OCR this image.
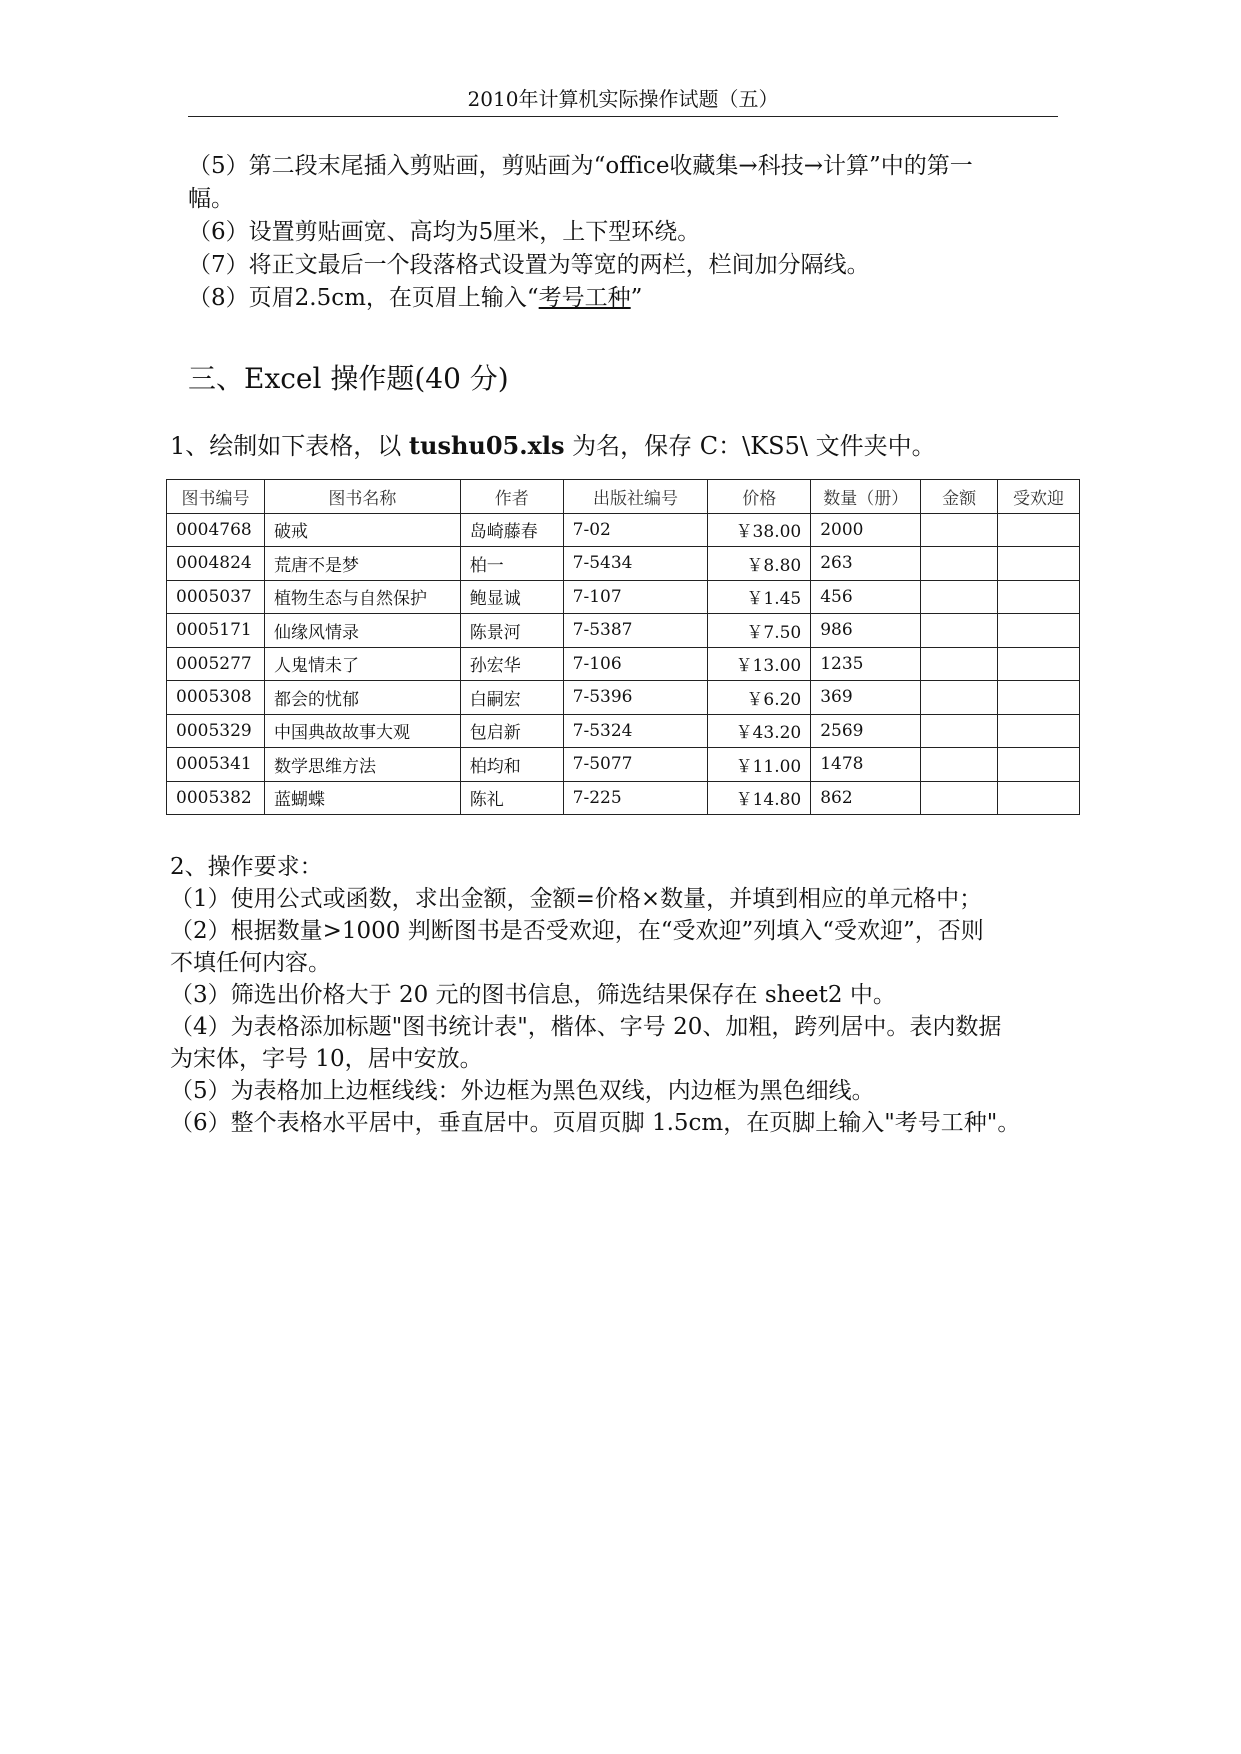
2010年计算机实际操作试题（五）
（5）第二段末尾插入剪贴画，剪贴画为“office收藏集→科技→计算”中的第一
幅。
（6）设置剪贴画宽、高均为5厘米，上下型环绕。
（7）将正文最后一个段落格式设置为等宽的两栏，栏间加分隔线。
（8）页眉2.5cm，在页眉上输入“考号工种”
三、Excel 操作题(40 分)
1、绘制如下表格，以 tushu05.xls 为名，保存 C：\KS5\ 文件夹中。
图书编号	图书名称	作者	出版社编号	价格	数量（册）	金额	受欢迎
0004768	破戒	岛崎藤春	7-02	￥38.00	2000		
0004824	荒唐不是梦	柏一	7-5434	￥8.80	263		
0005037	植物生态与自然保护	鲍显诚	7-107	￥1.45	456		
0005171	仙缘风情录	陈景河	7-5387	￥7.50	986		
0005277	人鬼情未了	孙宏华	7-106	￥13.00	1235		
0005308	都会的忧郁	白嗣宏	7-5396	￥6.20	369		
0005329	中国典故故事大观	包启新	7-5324	￥43.20	2569		
0005341	数学思维方法	柏均和	7-5077	￥11.00	1478		
0005382	蓝蝴蝶	陈礼	7-225	￥14.80	862		
2、操作要求：
（1）使用公式或函数，求出金额，金额=价格×数量，并填到相应的单元格中；
（2）根据数量>1000 判断图书是否受欢迎，在“受欢迎”列填入“受欢迎”，否则
不填任何内容。
（3）筛选出价格大于 20 元的图书信息，筛选结果保存在 sheet2 中。
（4）为表格添加标题"图书统计表"，楷体、字号 20、加粗，跨列居中。表内数据
为宋体，字号 10，居中安放。
（5）为表格加上边框线线：外边框为黑色双线，内边框为黑色细线。
（6）整个表格水平居中，垂直居中。页眉页脚 1.5cm，在页脚上输入"考号工种"。
